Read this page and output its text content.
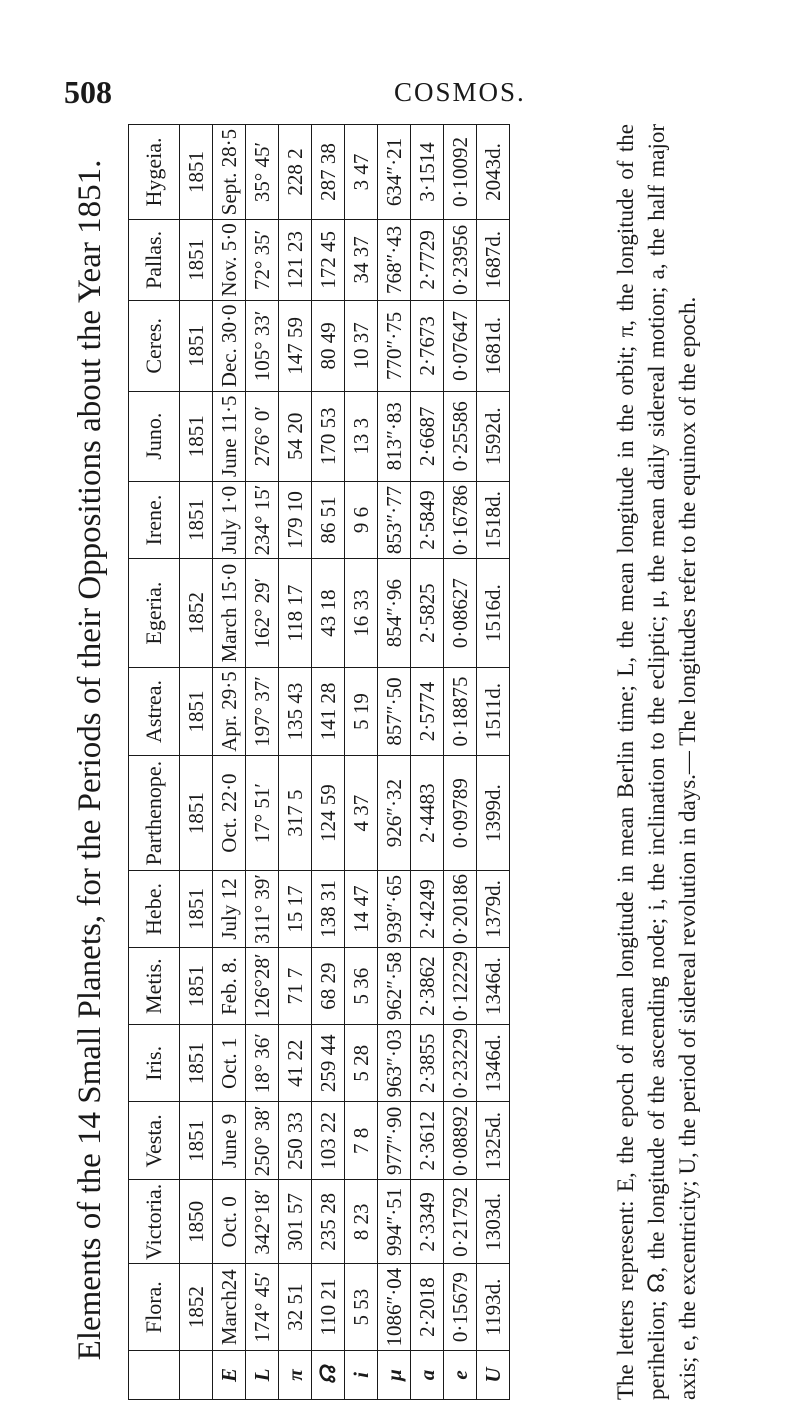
508	COSMOS.
Elements of the 14 Small Planets, for the Periods of their Oppositions about the Year 1851.
		Flora.	Victoria.	Vesta.	Iris.	Metis.	Hebe.	Parthenope.	Astrea.	Egeria.	Irene.	Juno.	Ceres.	Pallas.	Hygeia.
	1852	1850	1851	1851	1851	1851	1851	1851	1852	1851	1851	1851	1851	1851
E	March24	Oct. 0	June 9	Oct. 1	Feb. 8.	July 12	Oct. 22·0	Apr. 29·5	March 15·0	July 1·0	June 11·5	Dec. 30·0	Nov. 5·0	Sept. 28·5
L	174° 45′	342°18′	250° 38′	18° 36′	126°28′	311° 39′	17° 51′	197° 37′	162° 29′	234° 15′	276° 0′	105° 33′	72° 35′	35° 45′
π	32 51	301 57	250 33	41 22	71 7	15 17	317 5	135 43	118 17	179 10	54 20	147 59	121 23	228 2
☊	110 21	235 28	103 22	259 44	68 29	138 31	124 59	141 28	43 18	86 51	170 53	80 49	172 45	287 38
i	5 53	8 23	7 8	5 28	5 36	14 47	4 37	5 19	16 33	9 6	13 3	10 37	34 37	3 47
μ	1086″·04	994″·51	977″·90	963″·03	962″·58	939″·65	926″·32	857″·50	854″·96	853″·77	813″·83	770″·75	768″·43	634″·21
a	2·2018	2·3349	2·3612	2·3855	2·3862	2·4249	2·4483	2·5774	2·5825	2·5849	2·6687	2·7673	2·7729	3·1514
e	0·15679	0·21792	0·08892	0·23229	0·12229	0·20186	0·09789	0·18875	0·08627	0·16786	0·25586	0·07647	0·23956	0·10092
U	1193d.	1303d.	1325d.	1346d.	1346d.	1379d.	1399d.	1511d.	1516d.	1518d.	1592d.	1681d.	1687d.	2043d.	The letters represent: E, the epoch of mean longitude in mean Berlin time; L, the mean longitude in the orbit; π, the longitude of the perihelion; ☊, the longitude of the ascending node; i, the inclination to the ecliptic; μ, the mean daily sidereal motion; a, the half major axis; e, the excentricity; U, the period of sidereal revolution in days.— The longitudes refer to the equinox of the epoch.
